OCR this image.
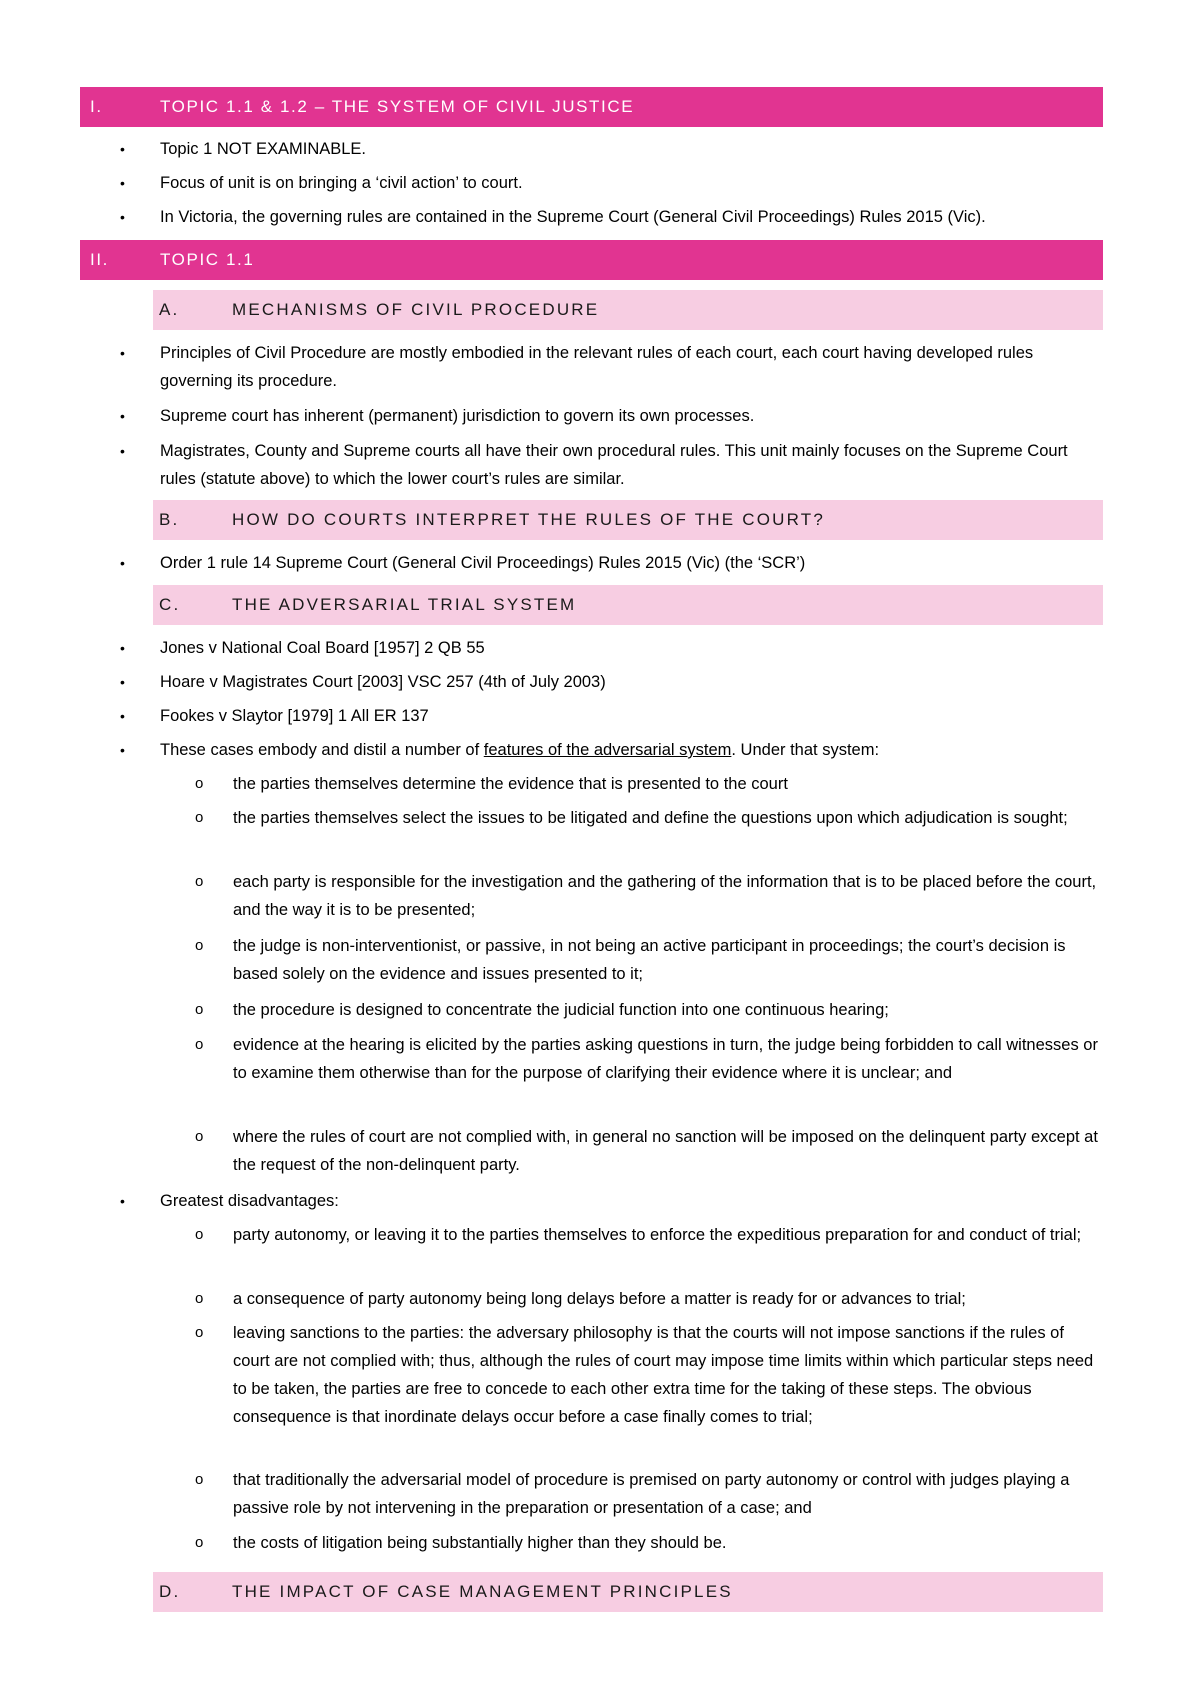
I.	TOPIC 1.1 & 1.2 – THE SYSTEM OF CIVIL JUSTICE
• Topic 1 NOT EXAMINABLE.
• Focus of unit is on bringing a ‘civil action’ to court.
• In Victoria, the governing rules are contained in the Supreme Court (General Civil Proceedings) Rules 2015 (Vic).
II.	TOPIC 1.1
A.	MECHANISMS OF CIVIL PROCEDURE
• Principles of Civil Procedure are mostly embodied in the relevant rules of each court, each court having developed rules governing its procedure.
• Supreme court has inherent (permanent) jurisdiction to govern its own processes.
• Magistrates, County and Supreme courts all have their own procedural rules. This unit mainly focuses on the Supreme Court rules (statute above) to which the lower court’s rules are similar.
B.	HOW DO COURTS INTERPRET THE RULES OF THE COURT?
• Order 1 rule 14 Supreme Court (General Civil Proceedings) Rules 2015 (Vic) (the ‘SCR’)
C.	THE ADVERSARIAL TRIAL SYSTEM
• Jones v National Coal Board [1957] 2 QB 55
• Hoare v Magistrates Court [2003] VSC 257 (4th of July 2003)
• Fookes v Slaytor [1979] 1 All ER 137
• These cases embody and distil a number of features of the adversarial system. Under that system:
o the parties themselves determine the evidence that is presented to the court
o the parties themselves select the issues to be litigated and define the questions upon which adjudication is sought;
o each party is responsible for the investigation and the gathering of the information that is to be placed before the court, and the way it is to be presented;
o the judge is non-interventionist, or passive, in not being an active participant in proceedings; the court’s decision is based solely on the evidence and issues presented to it;
o the procedure is designed to concentrate the judicial function into one continuous hearing;
o evidence at the hearing is elicited by the parties asking questions in turn, the judge being forbidden to call witnesses or to examine them otherwise than for the purpose of clarifying their evidence where it is unclear; and
o where the rules of court are not complied with, in general no sanction will be imposed on the delinquent party except at the request of the non-delinquent party.
• Greatest disadvantages:
o party autonomy, or leaving it to the parties themselves to enforce the expeditious preparation for and conduct of trial;
o a consequence of party autonomy being long delays before a matter is ready for or advances to trial;
o leaving sanctions to the parties: the adversary philosophy is that the courts will not impose sanctions if the rules of court are not complied with; thus, although the rules of court may impose time limits within which particular steps need to be taken, the parties are free to concede to each other extra time for the taking of these steps. The obvious consequence is that inordinate delays occur before a case finally comes to trial;
o that traditionally the adversarial model of procedure is premised on party autonomy or control with judges playing a passive role by not intervening in the preparation or presentation of a case; and
o the costs of litigation being substantially higher than they should be.
D.	THE IMPACT OF CASE MANAGEMENT PRINCIPLES
